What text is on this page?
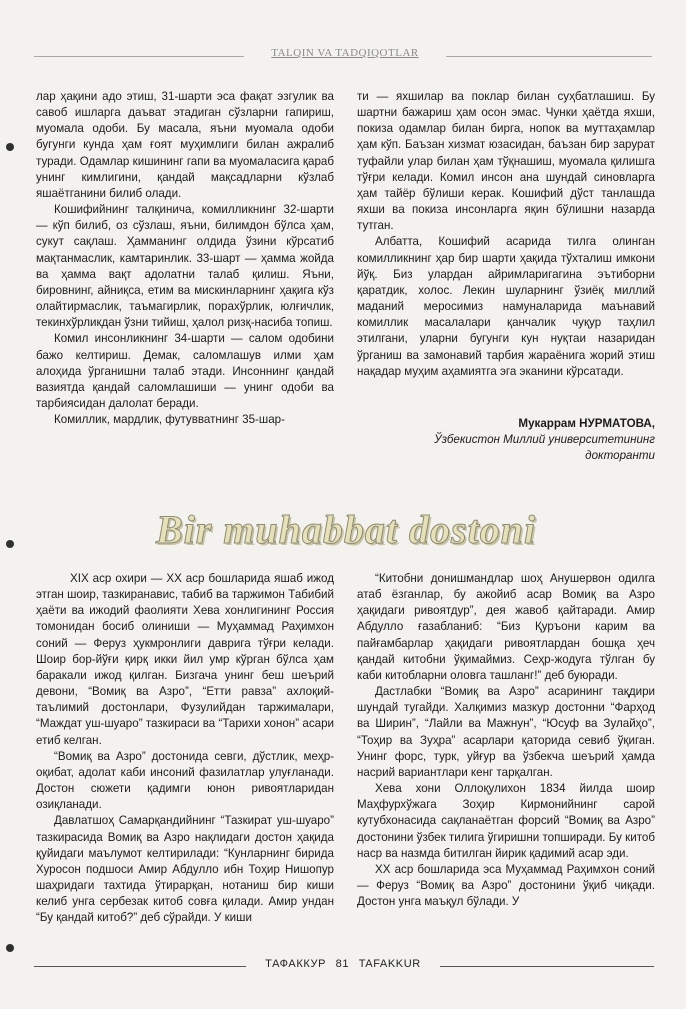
TALQIN VA TADQIQOTLAR

лар ҳақини адо этиш, 31-шарти эса фақат эзгулик ва савоб ишларга даъват этадиган сўзларни гапириш, муомала одоби. Бу масала, яъни муомала одоби бугунги кунда ҳам ғоят муҳимлиги билан ажралиб туради. Одамлар кишининг гапи ва муомаласига қараб унинг кимлигини, қандай мақсадларни кўзлаб яшаётганини билиб олади.

Кошифийнинг талқинича, комилликнинг 32-шарти — кўп билиб, оз сўзлаш, яъни, билимдон бўлса ҳам, сукут сақлаш. Ҳамманинг олдида ўзини кўрсатиб мақтанмаслик, камтаринлик. 33-шарт — ҳамма жойда ва ҳамма вақт адолатни талаб қилиш. Яъни, бировнинг, айниқса, етим ва мискинларнинг ҳақига кўз олайтирмаслик, таъмагирлик, порахўрлик, юлғичлик, текинхўрликдан ўзни тийиш, ҳалол ризқ-насиба топиш.

Комил инсонликнинг 34-шарти — салом одобини бажо келтириш. Демак, саломлашув илми ҳам алоҳида ўрганишни талаб этади. Инсоннинг қандай вазиятда қандай саломлашиши — унинг одоби ва тарбиясидан далолат беради.

Комиллик, мардлик, футувватнинг 35-шар-

ти — яхшилар ва поклар билан суҳбатлашиш. Бу шартни бажариш ҳам осон эмас. Чунки ҳаётда яхши, покиза одамлар билан бирга, нопок ва муттаҳамлар ҳам кўп. Баъзан хизмат юзасидан, баъзан бир зарурат туфайли улар билан ҳам тўқнашиш, муомала қилишга тўғри келади. Комил инсон ана шундай синовларга ҳам тайёр бўлиши керак. Кошифий дўст танлашда яхши ва покиза инсонларга яқин бўлишни назарда тутган.

Албатта, Кошифий асарида тилга олинган комилликнинг ҳар бир шарти ҳақида тўхталиш имкони йўқ. Биз улардан айримларигагина эътиборни қаратдик, холос. Лекин шуларнинг ўзиёқ миллий маданий меросимиз намуналарида маънавий комиллик масалалари қанчалик чуқур таҳлил этилгани, уларни бугунги кун нуқтаи назаридан ўрганиш ва замонавий тарбия жараёнига жорий этиш нақадар муҳим аҳамиятга эга эканини кўрсатади.

Мукаррам НУРМАТОВА,
Ўзбекистон Миллий университетининг
докторанти
Bir muhabbat dostoni

XIX аср охири — XX аср бошларида яшаб ижод этган шоир, тазкиранавис, табиб ва таржимон Табибий ҳаёти ва ижодий фаолияти Хева хонлигининг Россия томонидан босиб олиниши — Муҳаммад Раҳимхон соний — Феруз ҳукмронлиги даврига тўғри келади. Шоир бор-йўғи қирқ икки йил умр кўрган бўлса ҳам баракали ижод қилган. Бизгача унинг беш шеърий девони, “Вомиқ ва Азро”, “Етти равза” ахлоқий-таълимий достонлари, Фузулийдан таржималари, “Маждат уш-шуаро” тазкираси ва “Тарихи хонон” асари етиб келган.

“Вомиқ ва Азро” достонида севги, дўстлик, меҳр-оқибат, адолат каби инсоний фазилатлар улуғланади. Достон сюжети қадимги юнон ривоятларидан озиқланади.

Давлатшоҳ Самарқандийнинг “Тазкират уш-шуаро” тазкирасида Вомиқ ва Азро нақлидаги достон ҳақида қуйидаги маълумот келтирилади: “Кунларнинг бирида Хуросон подшоси Амир Абдулло ибн Тоҳир Нишопур шаҳридаги тахтида ўтирарқан, нотаниш бир киши келиб унга сербезак китоб совға қилади. Амир ундан “Бу қандай китоб?” деб сўрайди. У киши

“Китобни донишмандлар шоҳ Анушервон одилга атаб ёзганлар, бу ажойиб асар Вомиқ ва Азро ҳақидаги ривоятдур”, дея жавоб қайтаради. Амир Абдулло ғазабланиб: “Биз Қуръони карим ва пайғамбарлар ҳақидаги ривоятлардан бошқа ҳеч қандай китобни ўқимаймиз. Сеҳр-жодуга тўлган бу каби китобларни оловга ташланг!” деб буюради.

Дастлабки “Вомиқ ва Азро” асарининг тақдири шундай тугайди. Халқимиз мазкур достонни “Фарҳод ва Ширин”, “Лайли ва Мажнун”, “Юсуф ва Зулайҳо”, “Тоҳир ва Зуҳра” асарлари қаторида севиб ўқиган. Унинг форс, турк, уйғур ва ўзбекча шеърий ҳамда насрий вариантлари кенг тарқалган.

Хева хони Оллоқулихон 1834 йилда шоир Маҳфурхўжага Зоҳир Кирмонийнинг сарой кутубхонасида сақланаётган форсий “Вомиқ ва Азро” достонини ўзбек тилига ўгиришни топширади. Бу китоб наср ва назмда битилган йирик қадимий асар эди.

XX аср бошларида эса Муҳаммад Раҳимхон соний — Феруз “Вомиқ ва Азро” достонини ўқиб чиқади. Достон унга маъқул бўлади. У

ТАФАККУР 81 TAFAKKUR
